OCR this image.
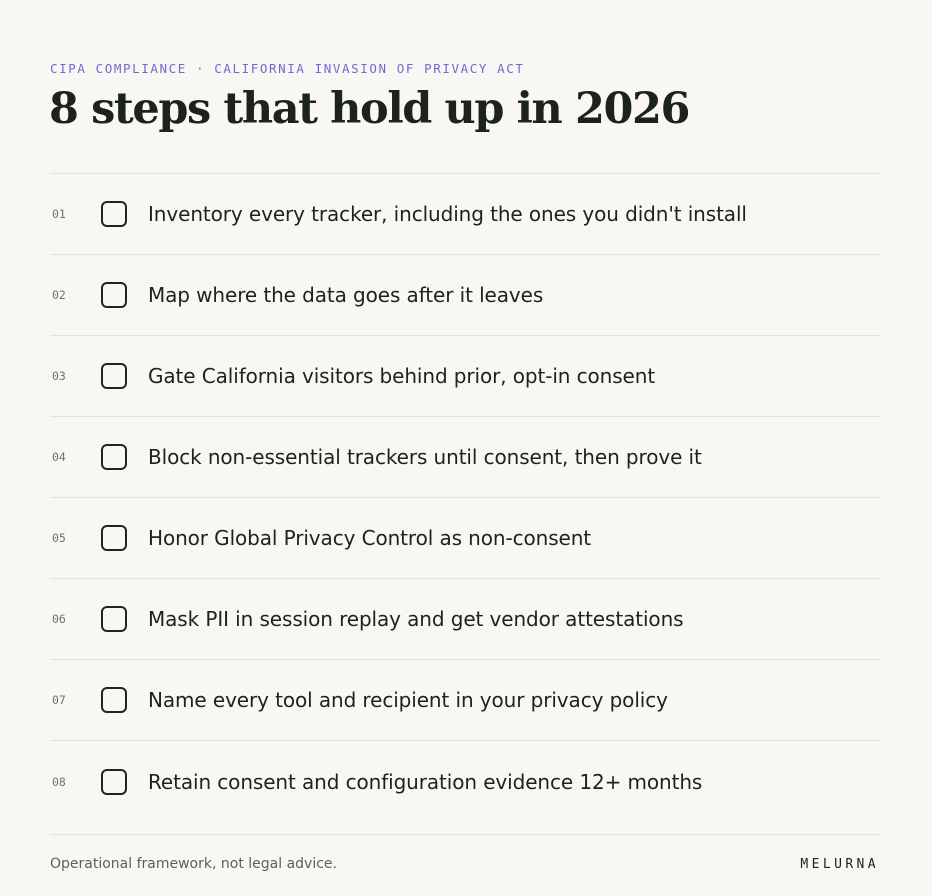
CIPA COMPLIANCE · CALIFORNIA INVASION OF PRIVACY ACT
8 steps that hold up in 2026
01	Inventory every tracker, including the ones you didn't install
02	Map where the data goes after it leaves
03	Gate California visitors behind prior, opt-in consent
04	Block non-essential trackers until consent, then prove it
05	Honor Global Privacy Control as non-consent
06	Mask PII in session replay and get vendor attestations
07	Name every tool and recipient in your privacy policy
08	Retain consent and configuration evidence 12+ months
Operational framework, not legal advice.	MELURNA
